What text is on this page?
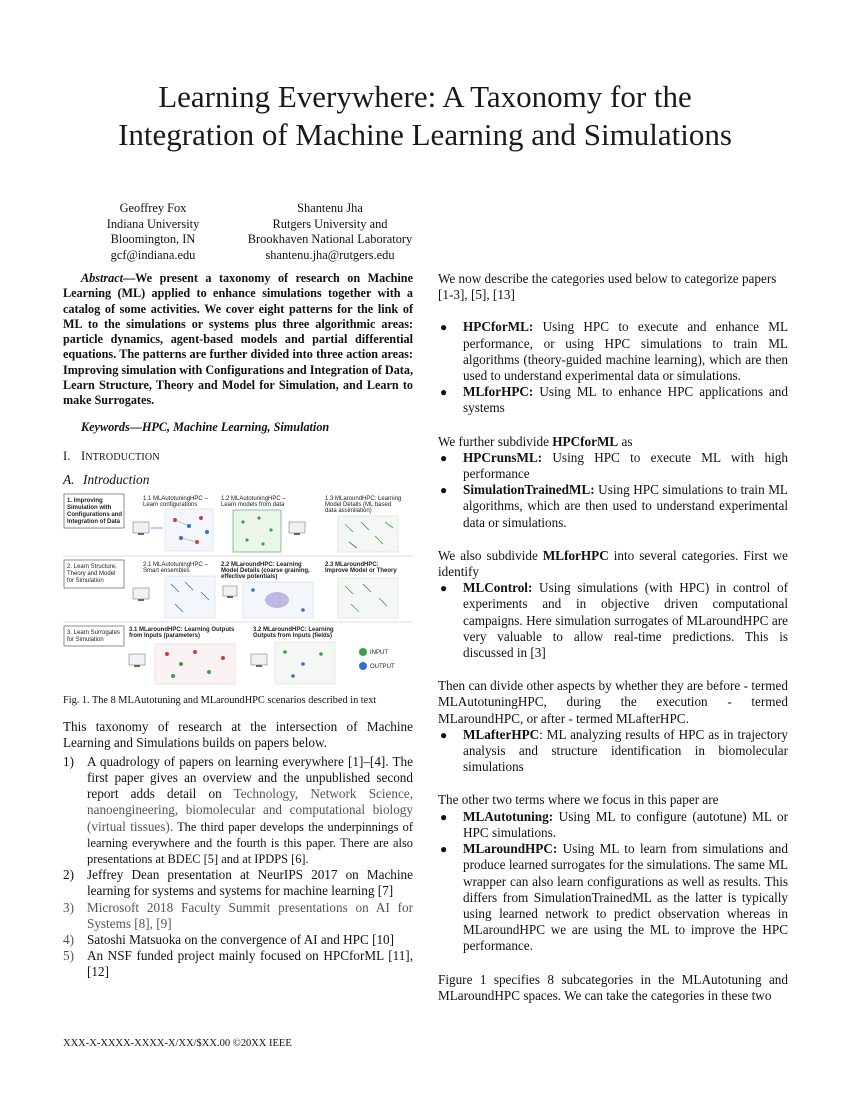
Learning Everywhere: A Taxonomy for the
Integration of Machine Learning and Simulations
Geoffrey Fox
Indiana University
Bloomington, IN
gcf@indiana.edu
Shantenu Jha
Rutgers University and
Brookhaven National Laboratory
shantenu.jha@rutgers.edu

Abstract—We present a taxonomy of research on Machine Learning (ML) applied to enhance simulations together with a catalog of some activities. We cover eight patterns for the link of ML to the simulations or systems plus three algorithmic areas: particle dynamics, agent-based models and partial differential equations. The patterns are further divided into three action areas: Improving simulation with Configurations and Integration of Data, Learn Structure, Theory and Model for Simulation, and Learn to make Surrogates.

Keywords—HPC, Machine Learning, Simulation

I. INTRODUCTION
A. Introduction
1. Improving
Simulation with
Configurations and
Integration of Data
2. Learn Structure,
Theory and Model
for Simulation
3. Learn Surrogates
for Simulation
1.1 MLAutotuningHPC –
Learn configurations
1.2 MLAutotuningHPC –
Learn models from data
1.3 MLaroundHPC: Learning
Model Details (ML based
data assimilation)
2.1 MLAutotuningHPC –
Smart ensembles
2.2 MLaroundHPC: Learning
Model Details (coarse graining,
effective potentials)
2.3 MLaroundHPC:
Improve Model or Theory
3.1 MLaroundHPC: Learning Outputs
from Inputs (parameters)
3.2 MLaroundHPC: Learning
Outputs from Inputs (fields)
INPUT
OUTPUT
Fig. 1. The 8 MLAutotuning and MLaroundHPC scenarios described in text

This taxonomy of research at the intersection of Machine Learning and Simulations builds on papers below.

1) A quadrology of papers on learning everywhere [1]–[4]. The first paper gives an overview and the unpublished second report adds detail on Technology, Network Science, nanoengineering, biomolecular and computational biology (virtual tissues). The third paper develops the underpinnings of learning everywhere and the fourth is this paper. There are also presentations at BDEC [5] and at IPDPS [6].
2) Jeffrey Dean presentation at NeurIPS 2017 on Machine learning for systems and systems for machine learning [7]
3) Microsoft 2018 Faculty Summit presentations on AI for Systems [8], [9]
4) Satoshi Matsuoka on the convergence of AI and HPC [10]
5) An NSF funded project mainly focused on HPCforML [11], [12]

We now describe the categories used below to categorize papers [1-3], [5], [13]

● HPCforML: Using HPC to execute and enhance ML performance, or using HPC simulations to train ML algorithms (theory-guided machine learning), which are then used to understand experimental data or simulations.
● MLforHPC: Using ML to enhance HPC applications and systems

We further subdivide HPCforML as

● HPCrunsML: Using HPC to execute ML with high performance
● SimulationTrainedML: Using HPC simulations to train ML algorithms, which are then used to understand experimental data or simulations.

We also subdivide MLforHPC into several categories. First we identify

● MLControl: Using simulations (with HPC) in control of experiments and in objective driven computational campaigns. Here simulation surrogates of MLaroundHPC are very valuable to allow real-time predictions. This is discussed in [3]

Then can divide other aspects by whether they are before - termed MLAutotuningHPC, during the execution - termed MLaroundHPC, or after - termed MLafterHPC.

● MLafterHPC: ML analyzing results of HPC as in trajectory analysis and structure identification in biomolecular simulations

The other two terms where we focus in this paper are

● MLAutotuning: Using ML to configure (autotune) ML or HPC simulations.
● MLaroundHPC: Using ML to learn from simulations and produce learned surrogates for the simulations. The same ML wrapper can also learn configurations as well as results. This differs from SimulationTrainedML as the latter is typically using learned network to predict observation whereas in MLaroundHPC we are using the ML to improve the HPC performance.

Figure 1 specifies 8 subcategories in the MLAutotuning and MLaroundHPC spaces. We can take the categories in these two

XXX-X-XXXX-XXXX-X/XX/$XX.00 ©20XX IEEE
